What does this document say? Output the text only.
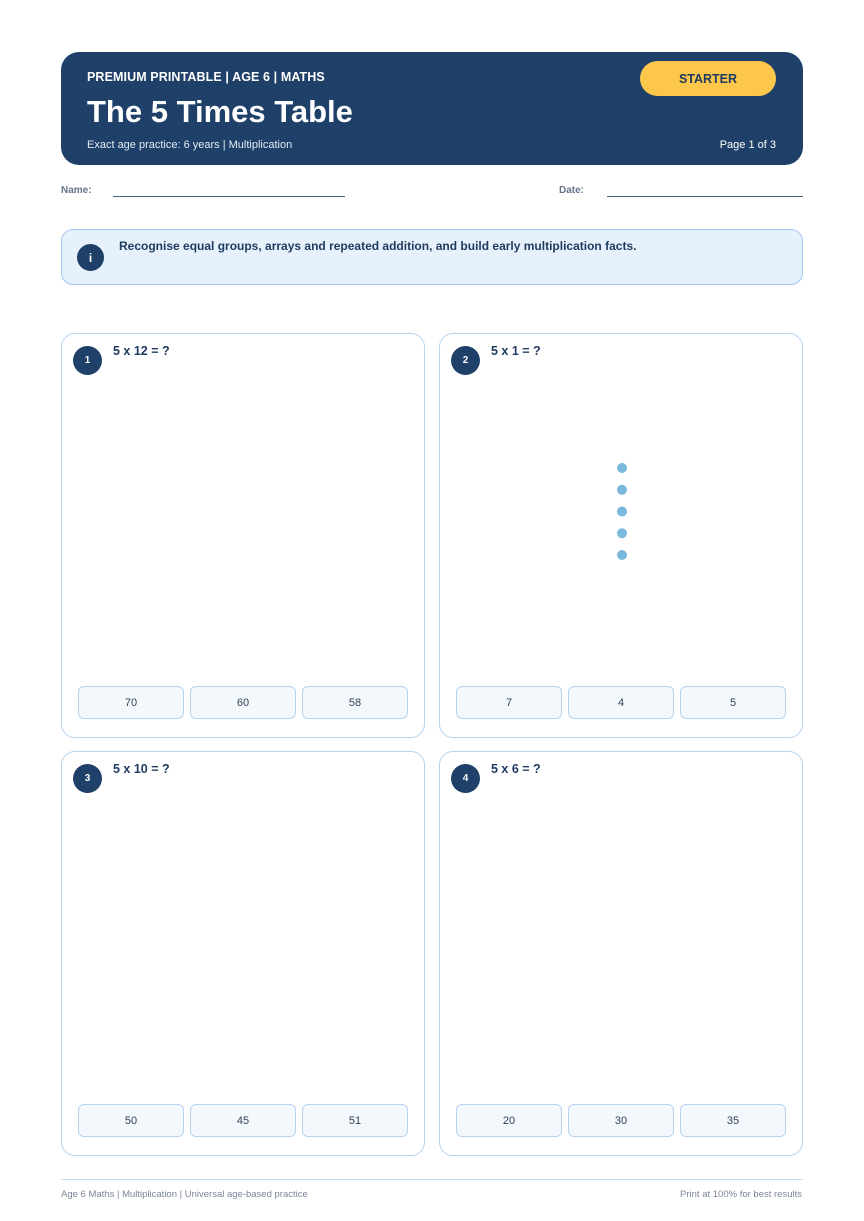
PREMIUM PRINTABLE | AGE 6 | MATHS
The 5 Times Table
Exact age practice: 6 years | Multiplication	Page 1 of 3
STARTER
Name:	Date:
i
Recognise equal groups, arrays and repeated addition, and build early multiplication facts.
1
5 x 12 = ?
70	60	58
2
5 x 1 = ?
7	4	5
3
5 x 10 = ?
50	45	51
4
5 x 6 = ?
20	30	35
Age 6 Maths | Multiplication | Universal age-based practice	Print at 100% for best results
